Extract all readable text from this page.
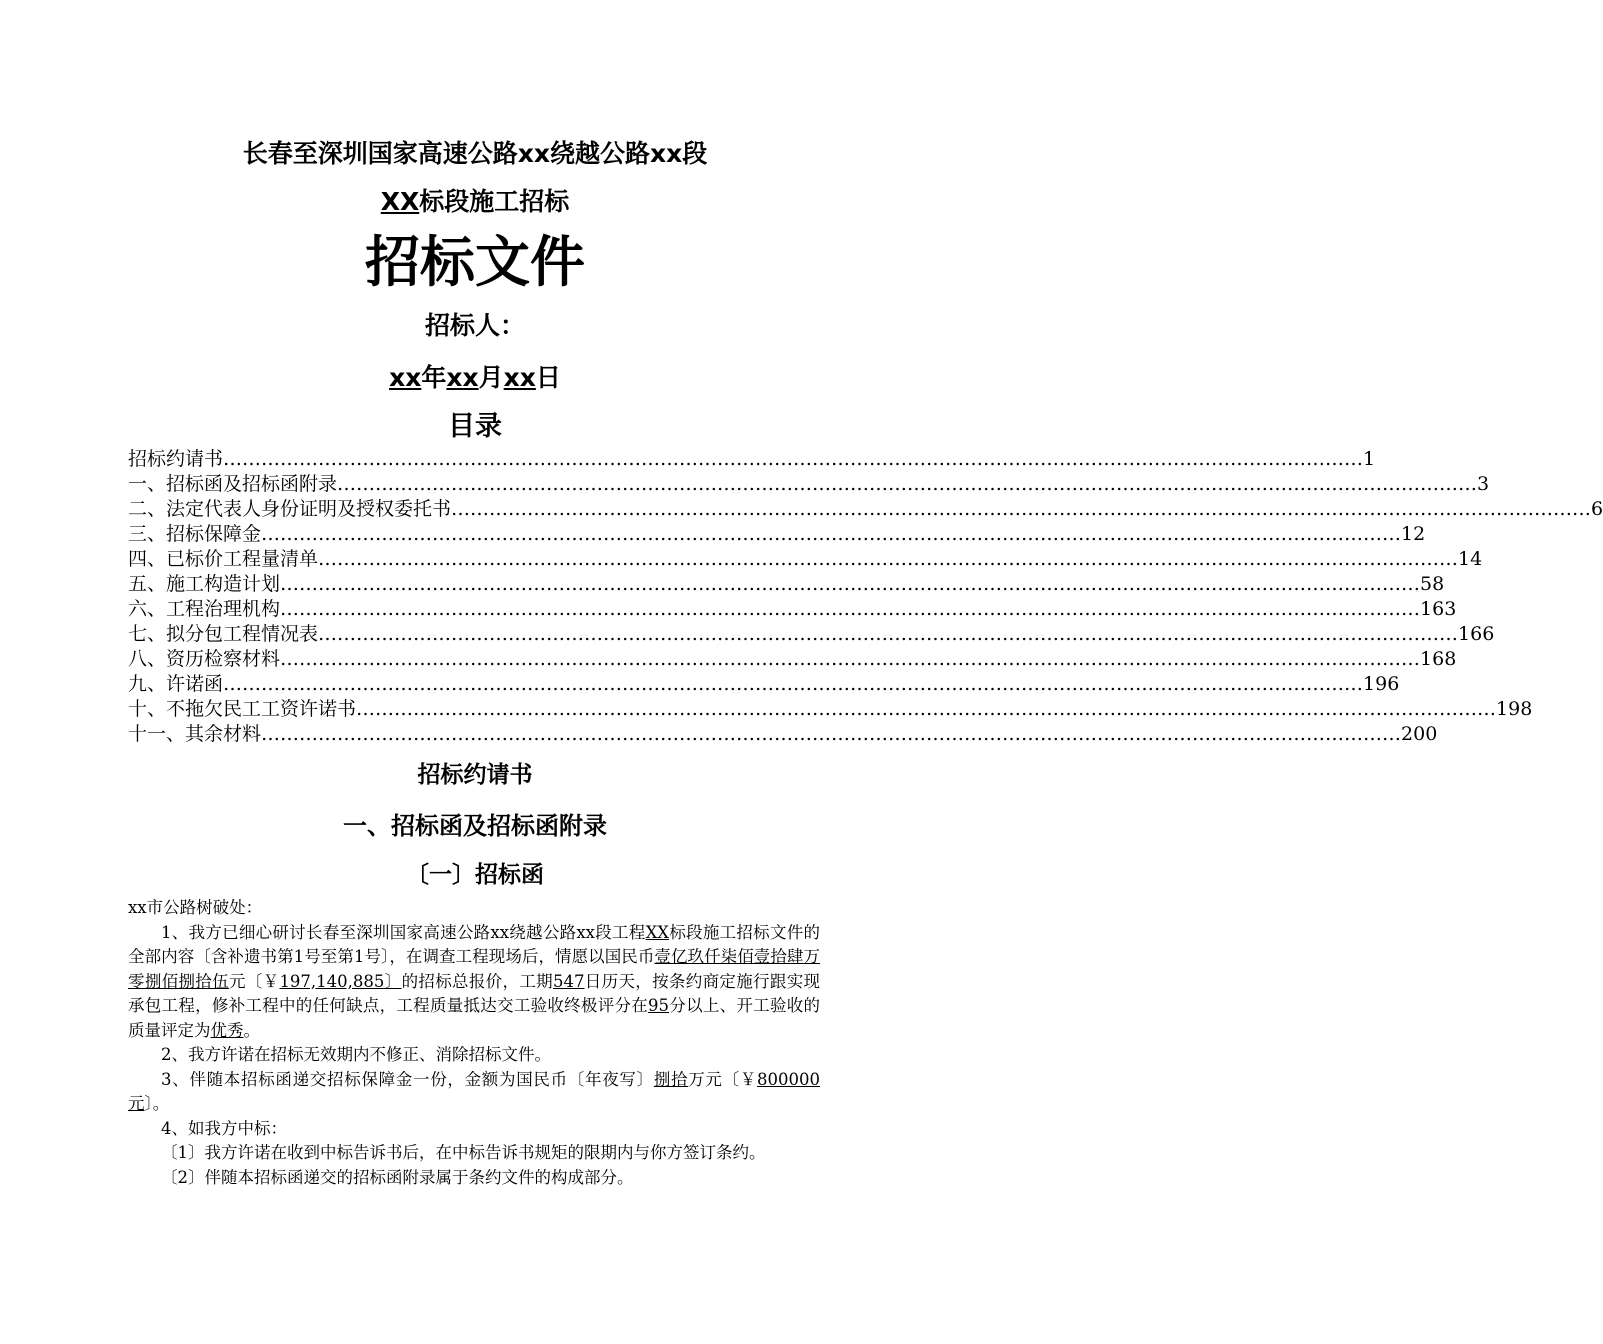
长春至深圳国家高速公路xx绕越公路xx段
XX标段施工招标
招标文件
招标人：
xx年xx月xx日
目录
招标约请书 ……………………………………………………………………………………………………………………………………………………………… 1
一、招标函及招标函附录 ……………………………………………………………………………………………………………………………………………………………… 3
二、法定代表人身份证明及授权委托书 ……………………………………………………………………………………………………………………………………………………………… 6
三、招标保障金 ……………………………………………………………………………………………………………………………………………………………… 12
四、已标价工程量清单 ……………………………………………………………………………………………………………………………………………………………… 14
五、施工构造计划 ……………………………………………………………………………………………………………………………………………………………… 58
六、工程治理机构 ……………………………………………………………………………………………………………………………………………………………… 163
七、拟分包工程情况表 ……………………………………………………………………………………………………………………………………………………………… 166
八、资历检察材料 ……………………………………………………………………………………………………………………………………………………………… 168
九、许诺函 ……………………………………………………………………………………………………………………………………………………………… 196
十、不拖欠民工工资许诺书 ……………………………………………………………………………………………………………………………………………………………… 198
十一、其余材料 ……………………………………………………………………………………………………………………………………………………………… 200
招标约请书
一、招标函及招标函附录
〔一〕招标函

xx市公路树破处：

1、我方已细心研讨长春至深圳国家高速公路xx绕越公路xx段工程XX标段施工招标文件的全部内容〔含补遗书第1号至第1号〕，在调查工程现场后，情愿以国民币壹亿玖仟柒佰壹拾肆万零捌佰捌拾伍元〔￥197,140,885〕的招标总报价，工期547日历天，按条约商定施行跟实现承包工程，修补工程中的任何缺点，工程质量抵达交工验收终极评分在95分以上、开工验收的质量评定为优秀。

2、我方许诺在招标无效期内不修正、消除招标文件。

3、伴随本招标函递交招标保障金一份，金额为国民币〔年夜写〕捌拾万元〔￥800000元〕。

4、如我方中标：

〔1〕我方许诺在收到中标告诉书后，在中标告诉书规矩的限期内与你方签订条约。

〔2〕伴随本招标函递交的招标函附录属于条约文件的构成部分。
